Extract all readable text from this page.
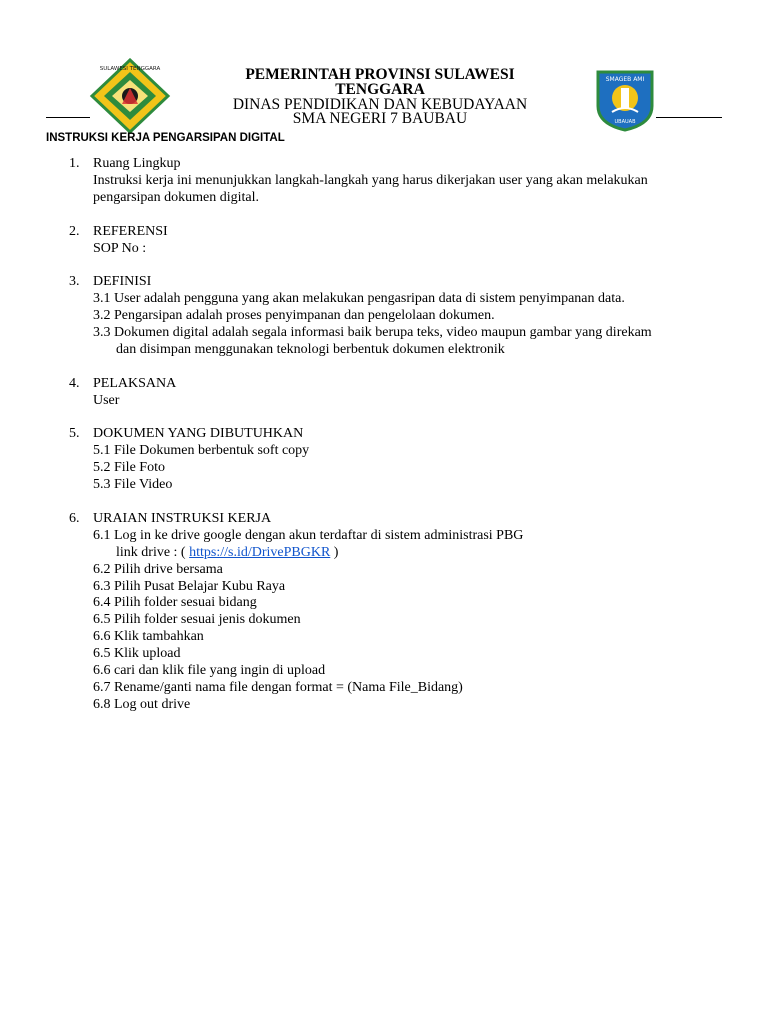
SULAWESI TENGGARA	PEMERINTAH PROVINSI SULAWESI
TENGGARA
DINAS PENDIDIKAN DAN KEBUDAYAAN
SMA NEGERI 7 BAUBAU
SMAGEB AMI
UBAUAB
INSTRUKSI KERJA PENGARSIPAN DIGITAL
1. Ruang Lingkup
Instruksi kerja ini menunjukkan langkah-langkah yang harus dikerjakan user yang akan melakukan
pengarsipan dokumen digital.
2. REFERENSI
SOP No :
3. DEFINISI
3.1 User adalah pengguna yang akan melakukan pengasripan data di sistem penyimpanan data.
3.2 Pengarsipan adalah proses penyimpanan dan pengelolaan dokumen.
3.3 Dokumen digital adalah segala informasi baik berupa teks, video maupun gambar yang direkam
dan disimpan menggunakan teknologi berbentuk dokumen elektronik
4. PELAKSANA
User
5. DOKUMEN YANG DIBUTUHKAN
5.1 File Dokumen berbentuk soft copy
5.2 File Foto
5.3 File Video
6. URAIAN INSTRUKSI KERJA
6.1 Log in ke drive google dengan akun terdaftar di sistem administrasi PBG
link drive : ( https://s.id/DrivePBGKR )
6.2 Pilih drive bersama
6.3 Pilih Pusat Belajar Kubu Raya
6.4 Pilih folder sesuai bidang
6.5 Pilih folder sesuai jenis dokumen
6.6 Klik tambahkan
6.5 Klik upload
6.6 cari dan klik file yang ingin di upload
6.7 Rename/ganti nama file dengan format = (Nama File_Bidang)
6.8 Log out drive
